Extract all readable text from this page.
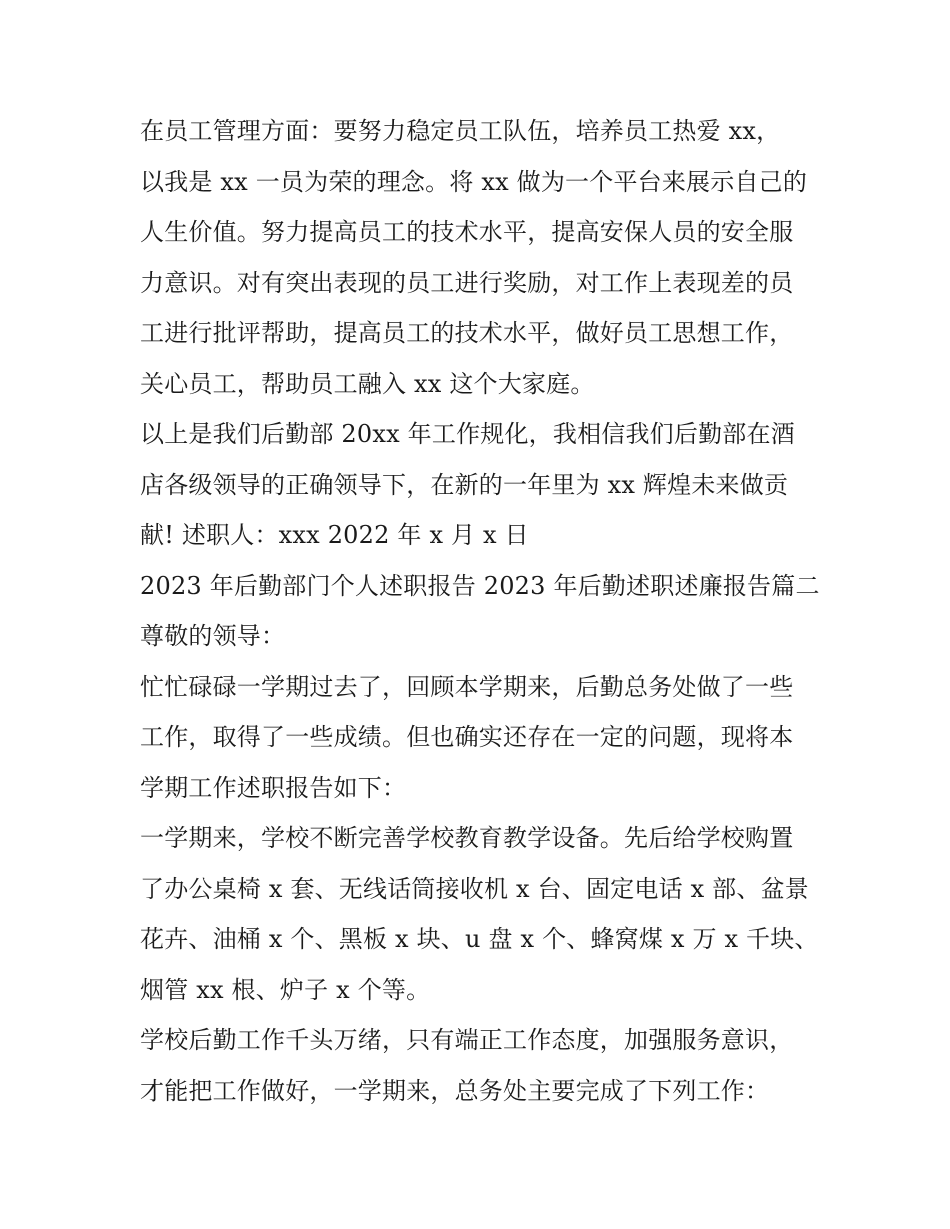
在员工管理方面：要努力稳定员工队伍，培养员工热爱 xx，
以我是 xx 一员为荣的理念。将 xx 做为一个平台来展示自己的
人生价值。努力提高员工的技术水平，提高安保人员的安全服
力意识。对有突出表现的员工进行奖励，对工作上表现差的员
工进行批评帮助，提高员工的技术水平，做好员工思想工作，
关心员工，帮助员工融入 xx 这个大家庭。
以上是我们后勤部 20xx 年工作规化，我相信我们后勤部在酒
店各级领导的正确领导下，在新的一年里为 xx 辉煌未来做贡
献! 述职人：xxx 2022 年 x 月 x 日
2023 年后勤部门个人述职报告 2023 年后勤述职述廉报告篇二
尊敬的领导：
忙忙碌碌一学期过去了，回顾本学期来，后勤总务处做了一些
工作，取得了一些成绩。但也确实还存在一定的问题，现将本
学期工作述职报告如下：
一学期来，学校不断完善学校教育教学设备。先后给学校购置
了办公桌椅 x 套、无线话筒接收机 x 台、固定电话 x 部、盆景
花卉、油桶 x 个、黑板 x 块、u 盘 x 个、蜂窝煤 x 万 x 千块、
烟管 xx 根、炉子 x 个等。
学校后勤工作千头万绪，只有端正工作态度，加强服务意识，
才能把工作做好，一学期来，总务处主要完成了下列工作：
